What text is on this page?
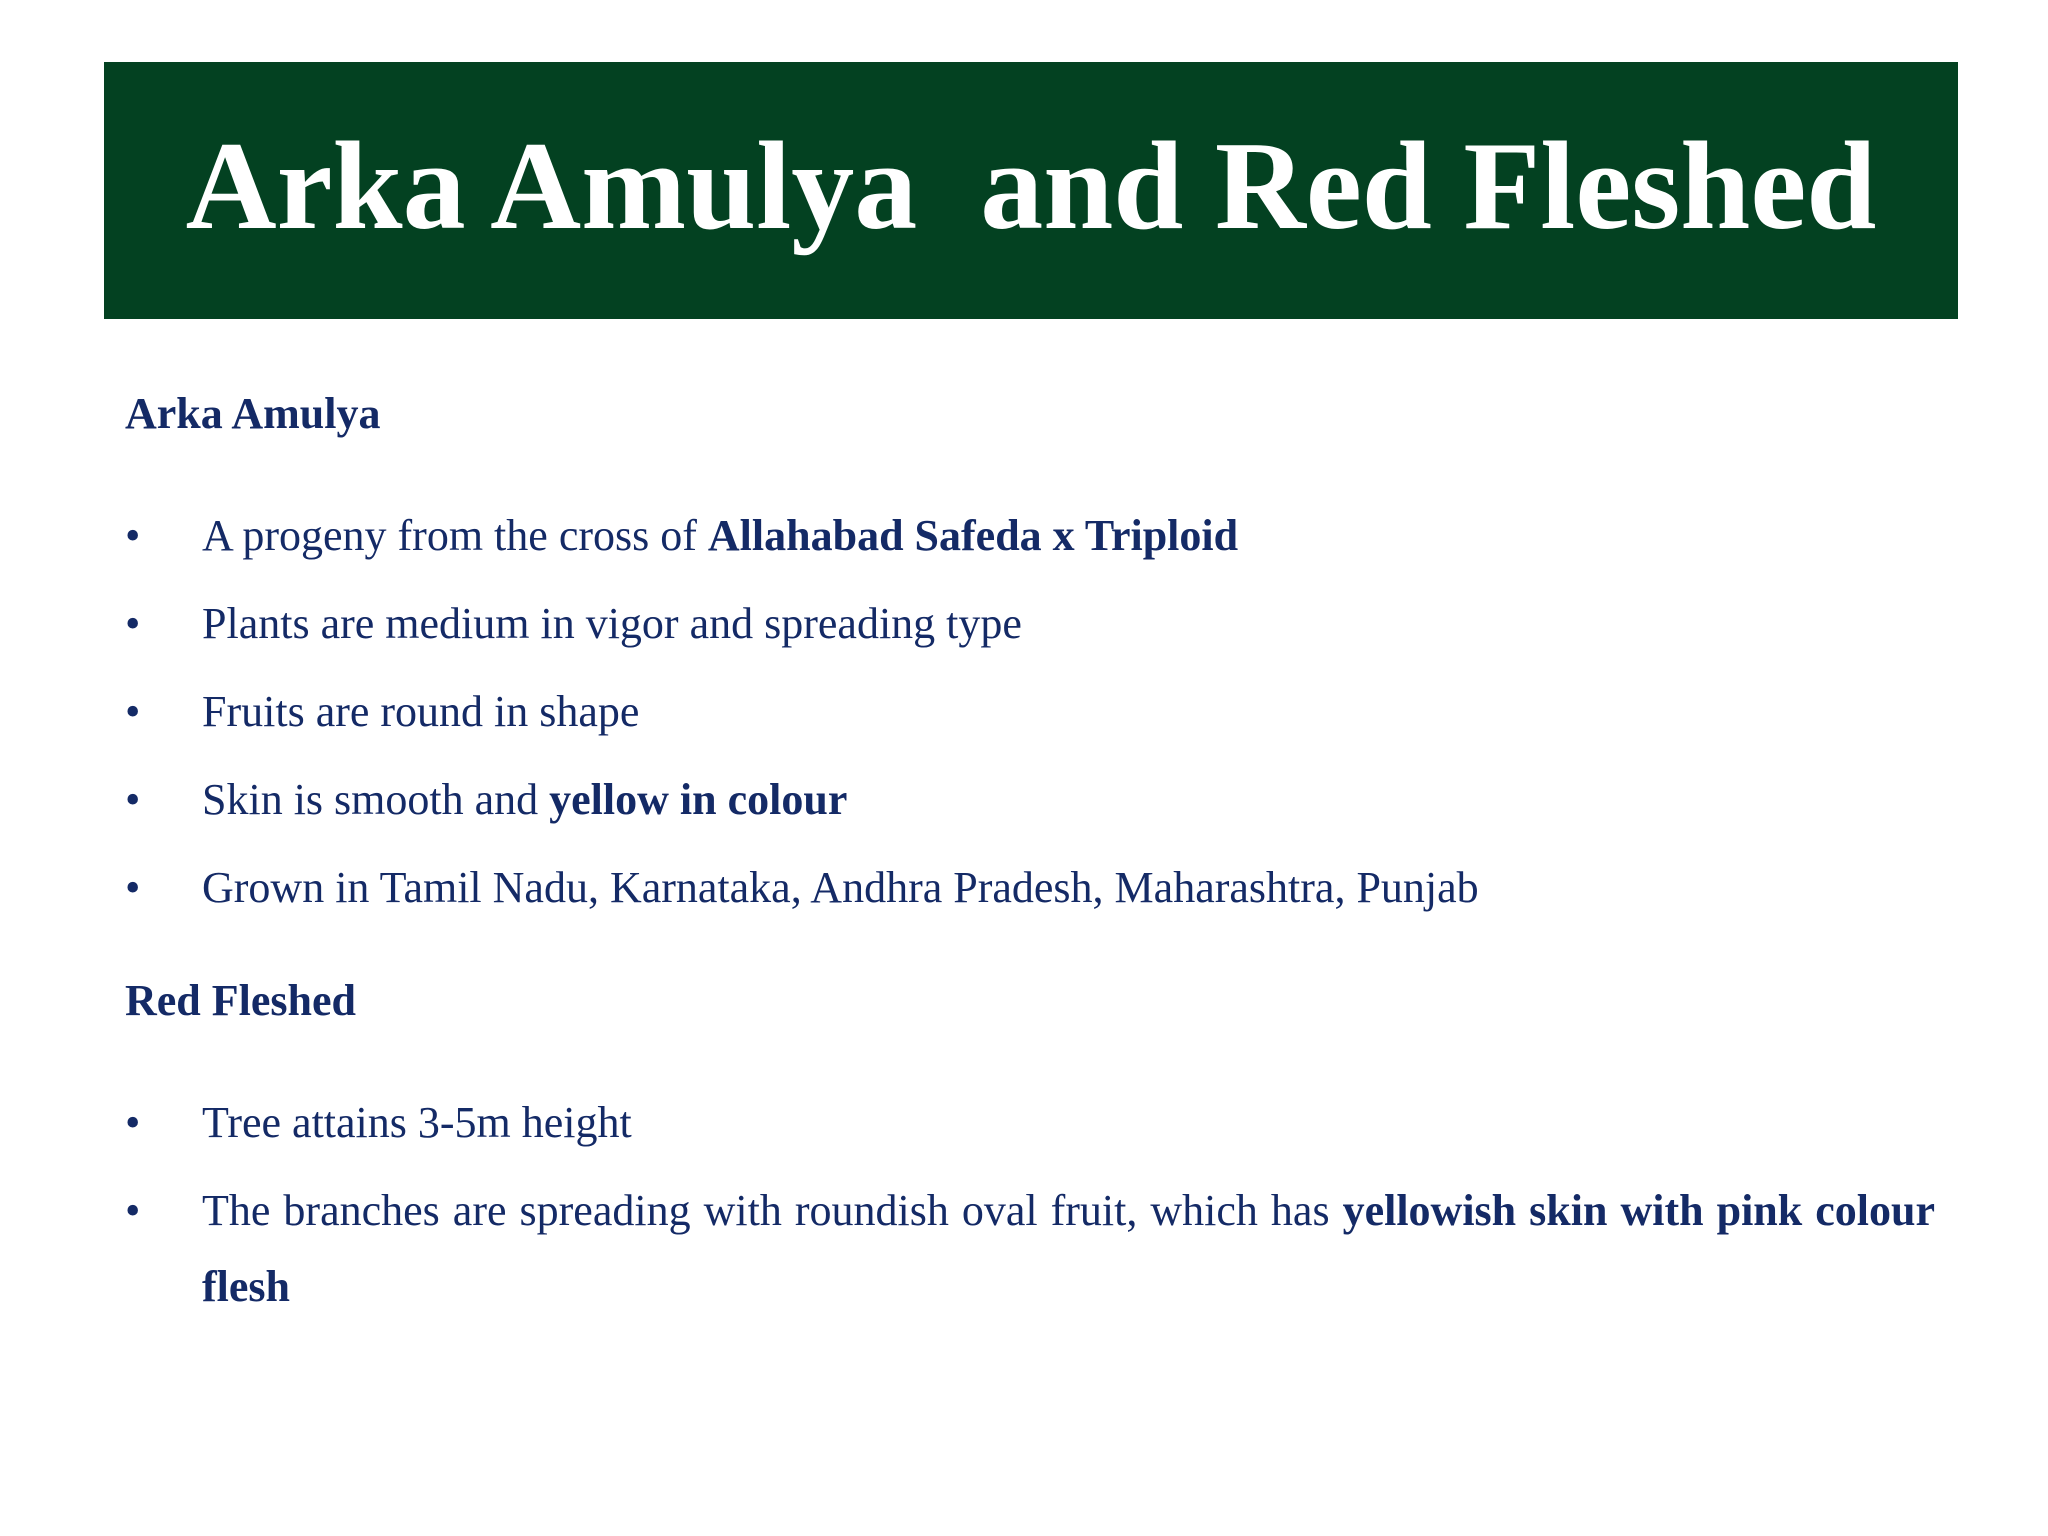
Arka Amulya  and Red Fleshed
Arka Amulya
•	A progeny from the cross of Allahabad Safeda x Triploid
•	Plants are medium in vigor and spreading type
•	Fruits are round in shape
•	Skin is smooth and yellow in colour
•	Grown in Tamil Nadu, Karnataka, Andhra Pradesh, Maharashtra, Punjab
Red Fleshed
•	Tree attains 3-5m height
•	The branches are spreading with roundish oval fruit, which has yellowish skin with pink colour flesh
